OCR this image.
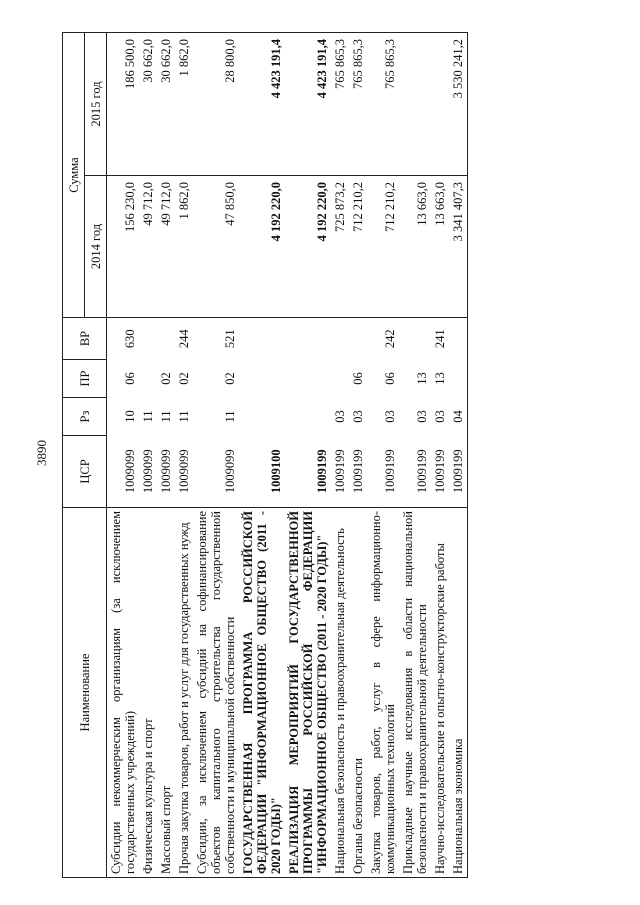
3890
Наименование	ЦСР	Рз	ПР	ВР	Сумма	
					2014 год	2015 год
Субсидии некоммерческим организациям (за исключением государственных учреждений)	1009099	10	06	630	156 230,0	186 500,0
Физическая культура и спорт	1009099	11			49 712,0	30 662,0
Массовый спорт	1009099	11	02		49 712,0	30 662,0
Прочая закупка товаров, работ и услуг для государственных нужд	1009099	11	02	244	1 862,0	1 862,0
Субсидии, за исключением субсидий на софинансирование объектов капитального строительства государственной собственности и муниципальной собственности	1009099	11	02	521	47 850,0	28 800,0
ГОСУДАРСТВЕННАЯ ПРОГРАММА РОССИЙСКОЙ ФЕДЕРАЦИИ "ИНФОРМАЦИОННОЕ ОБЩЕСТВО (2011 - 2020 ГОДЫ)"	1009100				4 192 220,0	4 423 191,4
РЕАЛИЗАЦИЯ МЕРОПРИЯТИЙ ГОСУДАРСТВЕННОЙ ПРОГРАММЫ РОССИЙСКОЙ ФЕДЕРАЦИИ "ИНФОРМАЦИОННОЕ ОБЩЕСТВО (2011 - 2020 ГОДЫ)"	1009199				4 192 220,0	4 423 191,4
Национальная безопасность и правоохранительная деятельность	1009199	03			725 873,2	765 865,3
Органы безопасности	1009199	03	06		712 210,2	765 865,3
Закупка товаров, работ, услуг в сфере информационно-коммуникационных технологий	1009199	03	06	242	712 210,2	765 865,3
Прикладные научные исследования в области национальной безопасности и правоохранительной деятельности	1009199	03	13		13 663,0	
Научно-исследовательские и опытно-конструкторские работы	1009199	03	13	241	13 663,0	
Национальная экономика	1009199	04			3 341 407,3	3 530 241,2
